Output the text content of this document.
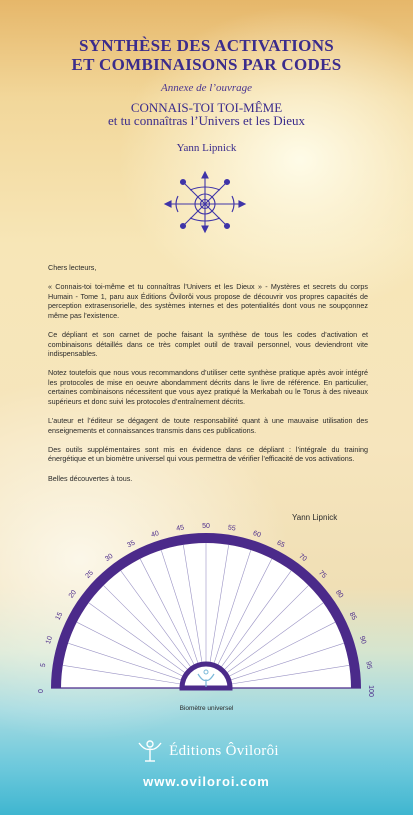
SYNTHÈSE DES ACTIVATIONS
ET COMBINAISONS PAR CODES
Annexe de l’ouvrage
CONNAIS-TOI TOI-MÊME
et tu connaîtras l’Univers et les Dieux
Yann Lipnick

Chers lecteurs,

« Connais-toi toi-même et tu connaîtras l’Univers et les Dieux » - Mystères et secrets du corps Humain - Tome 1, paru aux Éditions Ôvilorôi vous propose de découvrir vos propres capacités de perception extrasensorielle, des systèmes internes et des potentialités dont vous ne soupçonnez même pas l’existence.

Ce dépliant et son carnet de poche faisant la synthèse de tous les codes d’activation et combinaisons détaillés dans ce très complet outil de travail personnel, vous deviendront vite indispensables.

Notez toutefois que nous vous recommandons d’utiliser cette synthèse pratique après avoir intégré les protocoles de mise en oeuvre abondamment décrits dans le livre de référence. En particulier, certaines combinaisons nécessitent que vous ayez pratiqué la Merkabah ou le Torus à des niveaux supérieurs et donc suivi les protocoles d’entraînement décrits.

L’auteur et l’éditeur se dégagent de toute responsabilité quant à une mauvaise utilisation des enseignements et connaissances transmis dans ces publications.

Des outils supplémentaires sont mis en évidence dans ce dépliant : l’intégrale du training énergétique et un biomètre universel qui vous permettra de vérifier l’efficacité de vos activations.

Belles découvertes à tous.

Yann Lipnick
0
5
10
15
20
25
30
35
40
45 50 55
60
65
70
75
80
85
90
95
100
Biomètre universel
Éditions Ôvilorôi
www.oviloroi.com
